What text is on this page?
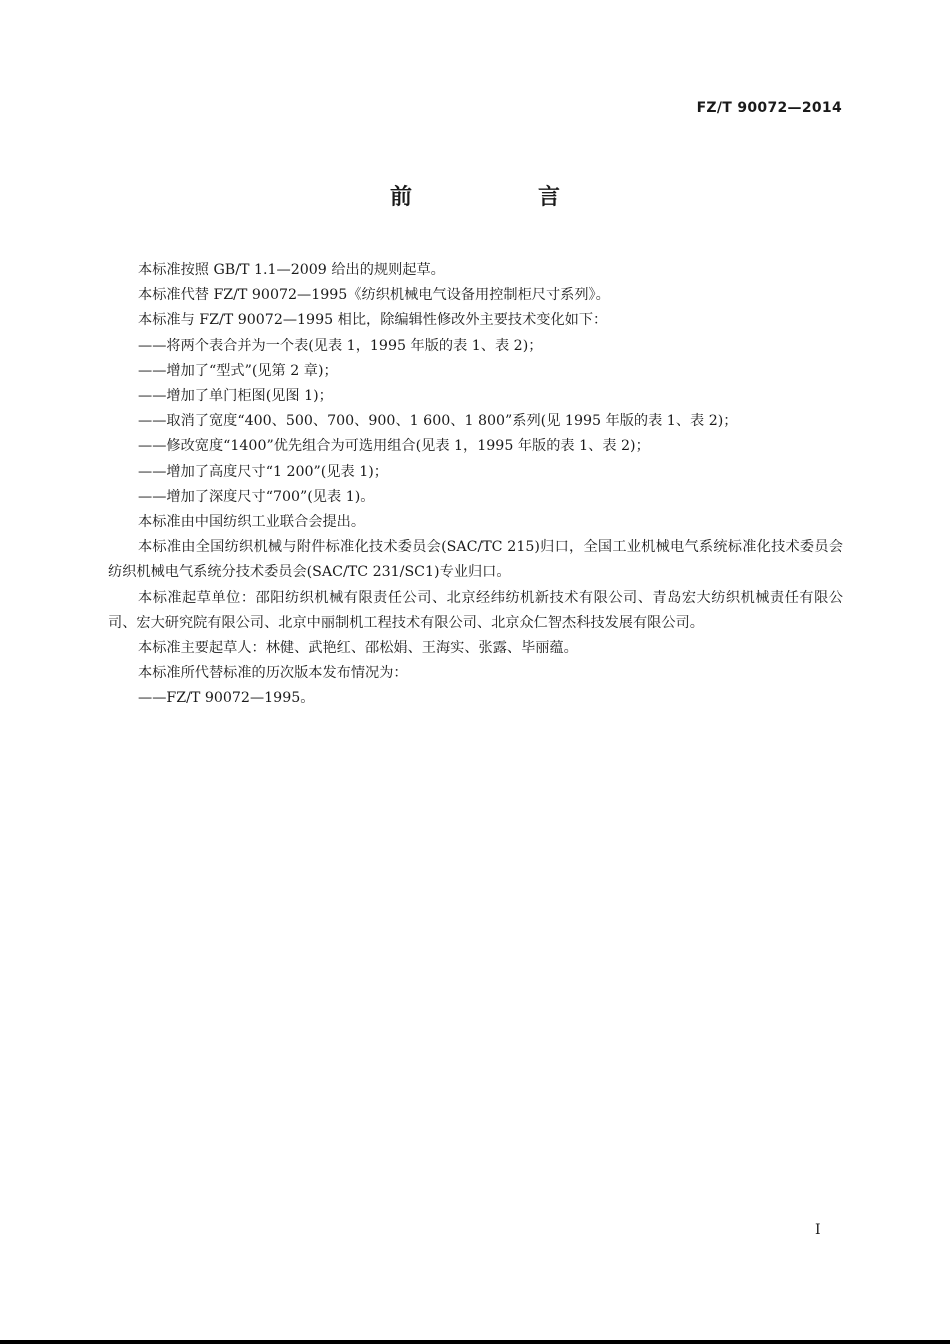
FZ/T 90072—2014
前　言

本标准按照 GB/T 1.1—2009 给出的规则起草。

本标准代替 FZ/T 90072—1995《纺织机械电气设备用控制柜尺寸系列》。

本标准与 FZ/T 90072—1995 相比，除编辑性修改外主要技术变化如下：

——将两个表合并为一个表(见表 1，1995 年版的表 1、表 2)；

——增加了“型式”(见第 2 章)；

——增加了单门柜图(见图 1)；

——取消了宽度“400、500、700、900、1 600、1 800”系列(见 1995 年版的表 1、表 2)；

——修改宽度“1400”优先组合为可选用组合(见表 1，1995 年版的表 1、表 2)；

——增加了高度尺寸“1 200”(见表 1)；

——增加了深度尺寸“700”(见表 1)。

本标准由中国纺织工业联合会提出。

本标准由全国纺织机械与附件标准化技术委员会(SAC/TC 215)归口，全国工业机械电气系统标准化技术委员会纺织机械电气系统分技术委员会(SAC/TC 231/SC1)专业归口。

本标准起草单位：邵阳纺织机械有限责任公司、北京经纬纺机新技术有限公司、青岛宏大纺织机械责任有限公司、宏大研究院有限公司、北京中丽制机工程技术有限公司、北京众仁智杰科技发展有限公司。

本标准主要起草人：林健、武艳红、邵松娟、王海实、张露、毕丽蕴。

本标准所代替标准的历次版本发布情况为：

——FZ/T 90072—1995。

I
